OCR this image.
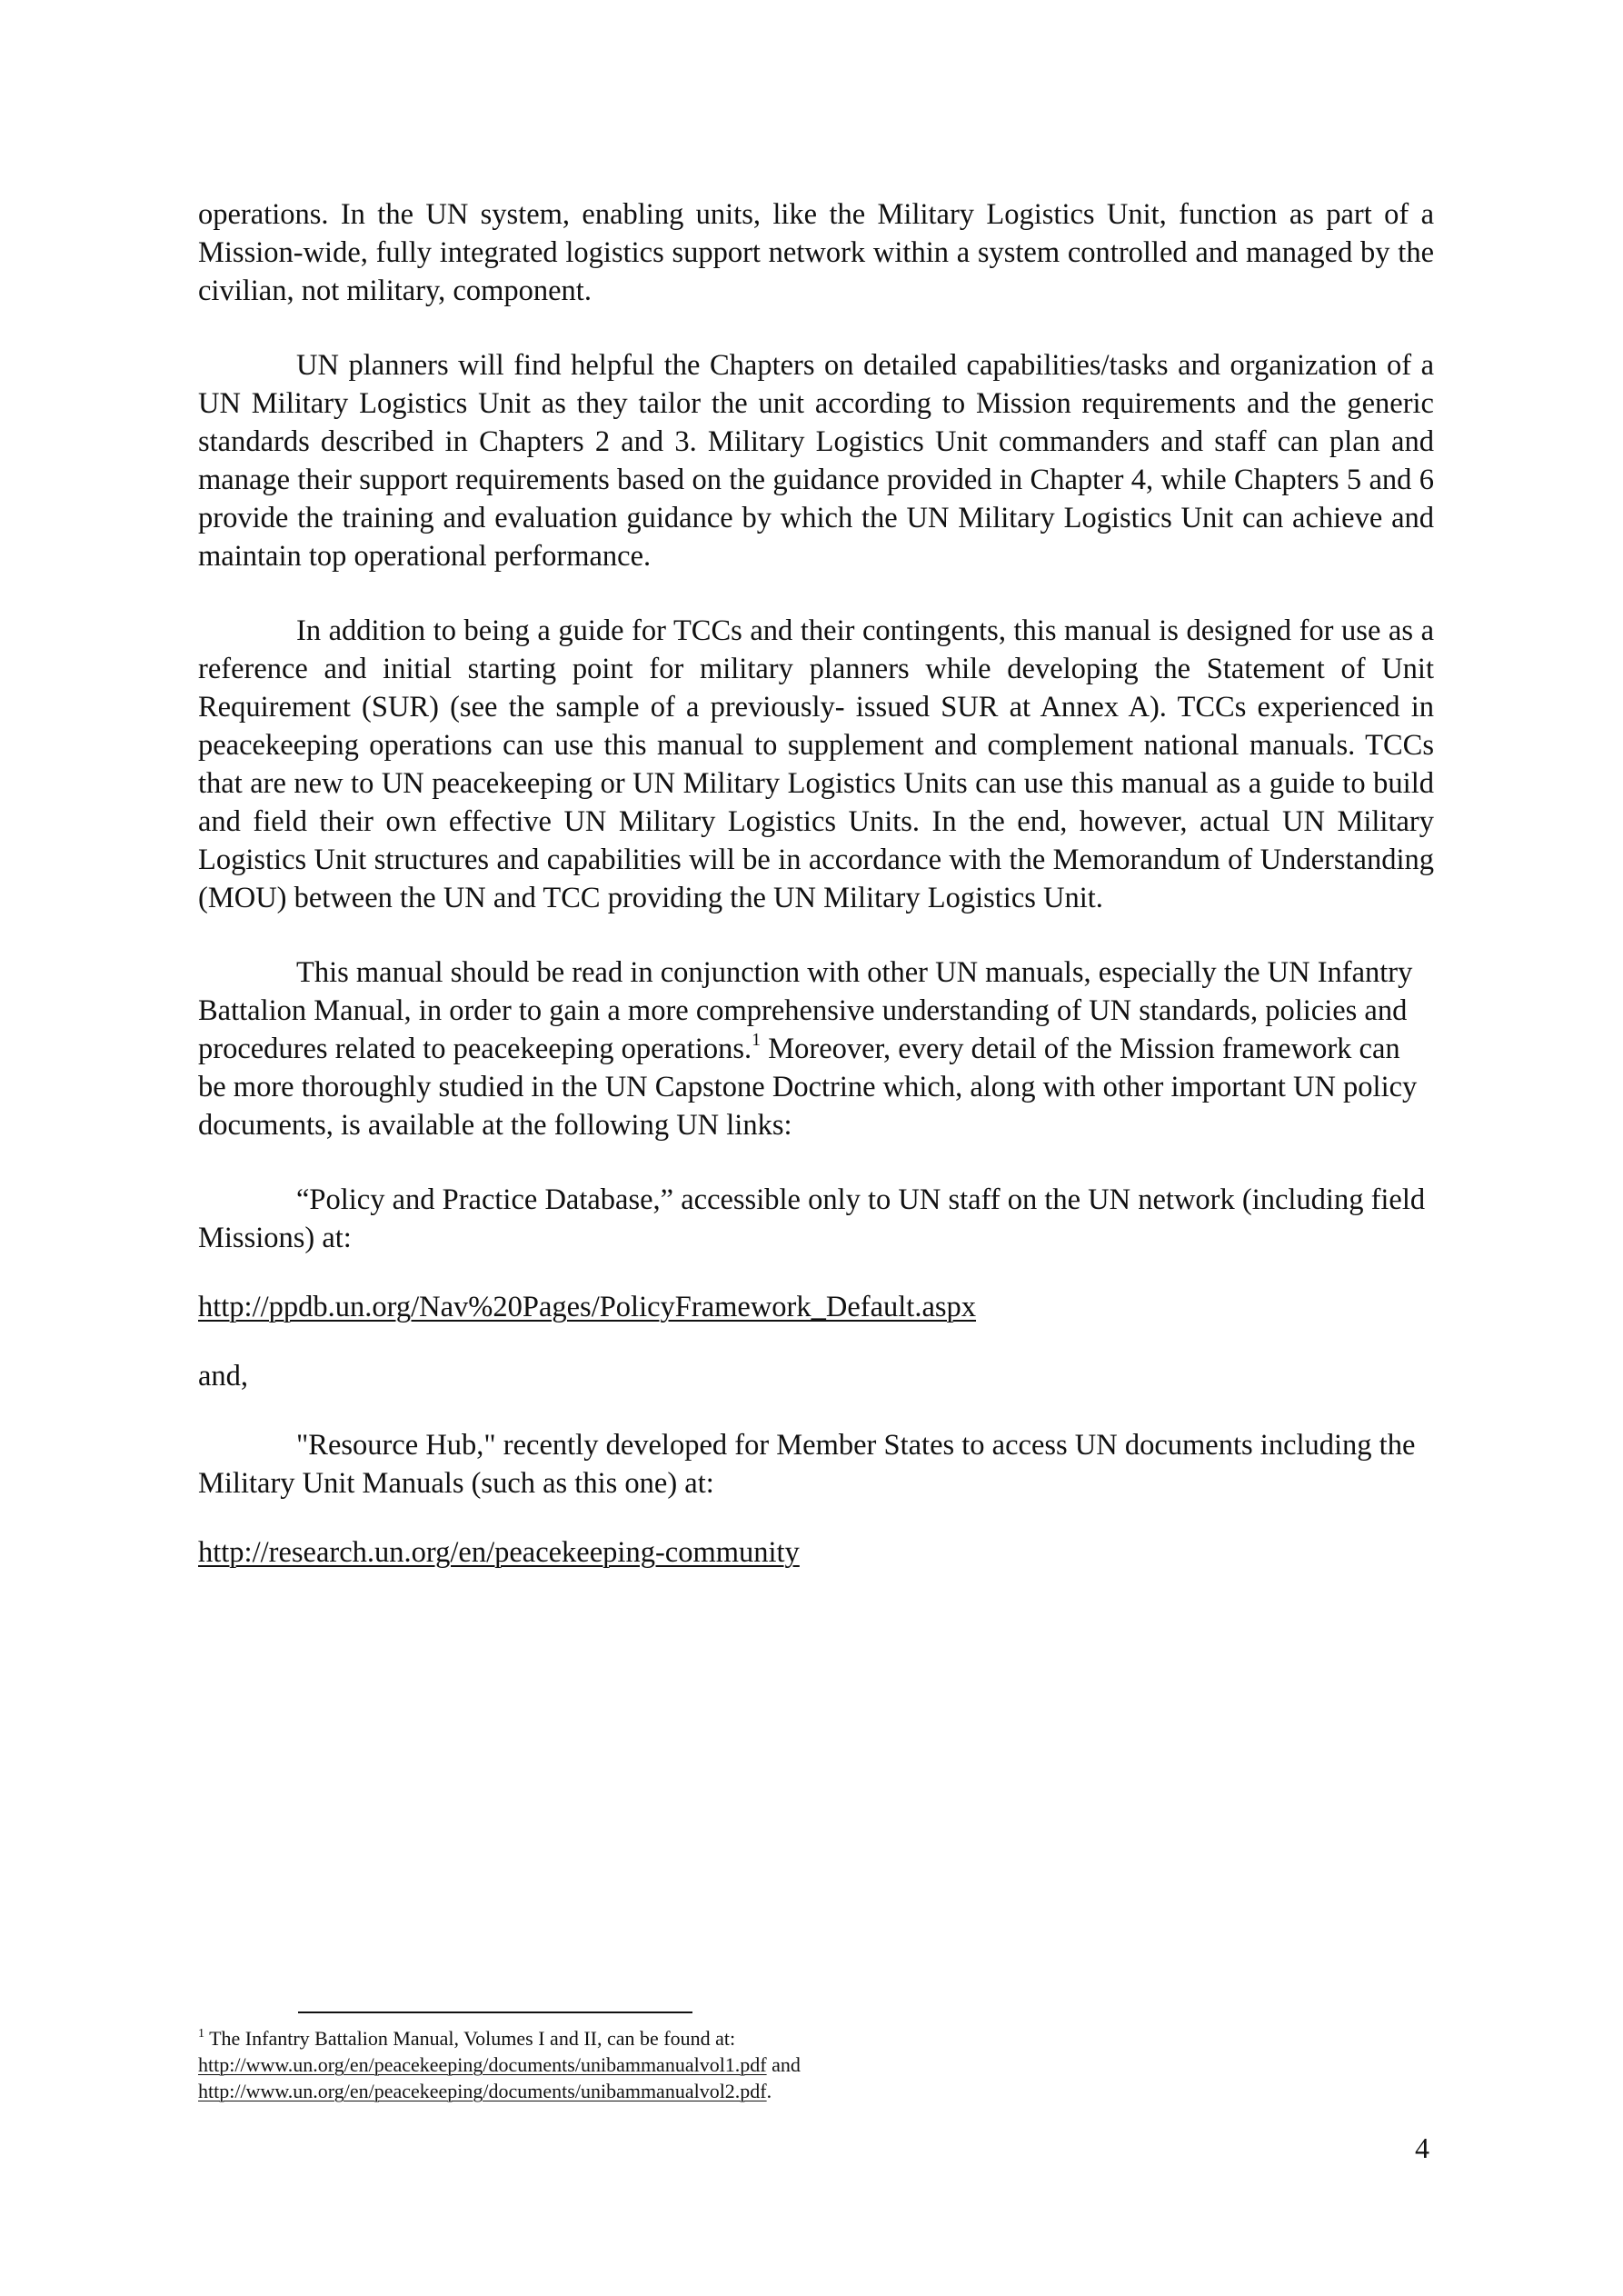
operations. In the UN system, enabling units, like the Military Logistics Unit, function as part of a Mission-wide, fully integrated logistics support network within a system controlled and managed by the civilian, not military, component.

UN planners will find helpful the Chapters on detailed capabilities/tasks and organization of a UN Military Logistics Unit as they tailor the unit according to Mission requirements and the generic standards described in Chapters 2 and 3. Military Logistics Unit commanders and staff can plan and manage their support requirements based on the guidance provided in Chapter 4, while Chapters 5 and 6 provide the training and evaluation guidance by which the UN Military Logistics Unit can achieve and maintain top operational performance.

In addition to being a guide for TCCs and their contingents, this manual is designed for use as a reference and initial starting point for military planners while developing the Statement of Unit Requirement (SUR) (see the sample of a previously- issued SUR at Annex A). TCCs experienced in peacekeeping operations can use this manual to supplement and complement national manuals. TCCs that are new to UN peacekeeping or UN Military Logistics Units can use this manual as a guide to build and field their own effective UN Military Logistics Units. In the end, however, actual UN Military Logistics Unit structures and capabilities will be in accordance with the Memorandum of Understanding (MOU) between the UN and TCC providing the UN Military Logistics Unit.

This manual should be read in conjunction with other UN manuals, especially the UN Infantry Battalion Manual, in order to gain a more comprehensive understanding of UN standards, policies and procedures related to peacekeeping operations.$^1$ Moreover, every detail of the Mission framework can be more thoroughly studied in the UN Capstone Doctrine which, along with other important UN policy documents, is available at the following UN links:

“Policy and Practice Database,” accessible only to UN staff on the UN network (including field Missions) at:

http://ppdb.un.org/Nav%20Pages/PolicyFramework_Default.aspx

and,

"Resource Hub," recently developed for Member States to access UN documents including the Military Unit Manuals (such as this one) at:

http://research.un.org/en/peacekeeping-community

$^1$ The Infantry Battalion Manual, Volumes I and II, can be found at:
http://www.un.org/en/peacekeeping/documents/unibammanualvol1.pdf and
http://www.un.org/en/peacekeeping/documents/unibammanualvol2.pdf.
4
